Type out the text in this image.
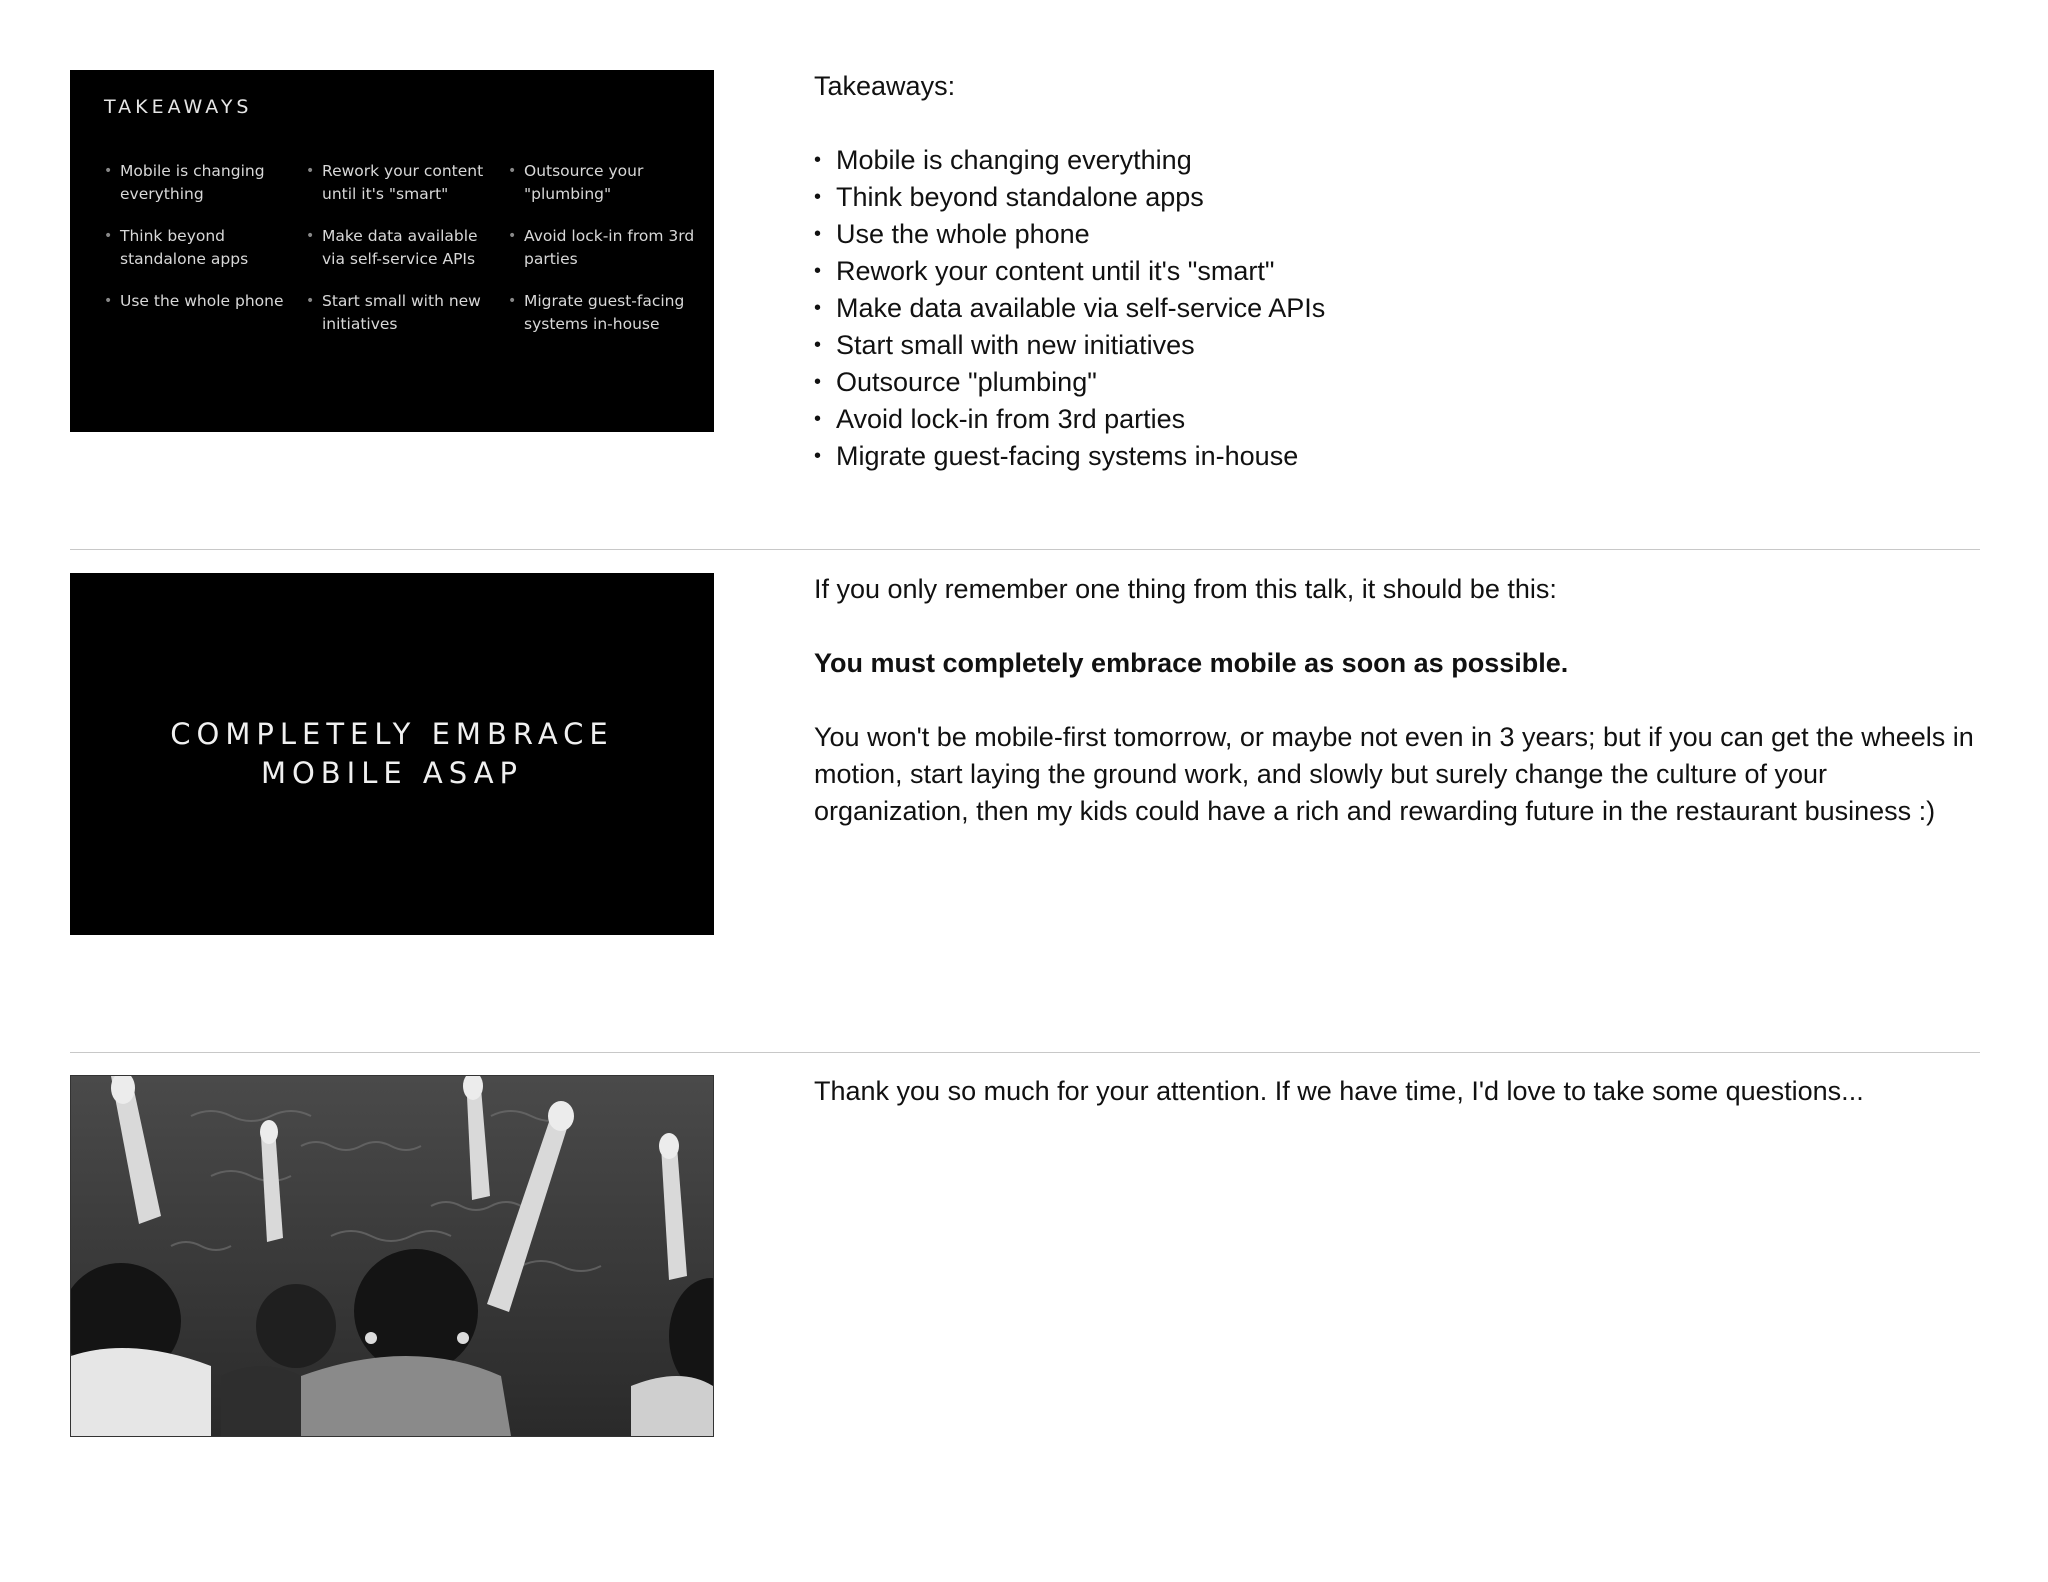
TAKEAWAYS
• Mobile is changing everything
• Think beyond standalone apps
• Use the whole phone
• Rework your content until it's "smart"
• Make data available via self-service APIs
• Start small with new initiatives
• Outsource your "plumbing"
• Avoid lock-in from 3rd parties
• Migrate guest-facing systems in-house

Takeaways:

• Mobile is changing everything
• Think beyond standalone apps
• Use the whole phone
• Rework your content until it's "smart"
• Make data available via self-service APIs
• Start small with new initiatives
• Outsource "plumbing"
• Avoid lock-in from 3rd parties
• Migrate guest-facing systems in-house
COMPLETELY EMBRACE
MOBILE ASAP

If you only remember one thing from this talk, it should be this:

You must completely embrace mobile as soon as possible.

You won't be mobile-first tomorrow, or maybe not even in 3 years; but if you can get the wheels in motion, start laying the ground work, and slowly but surely change the culture of your organization, then my kids could have a rich and rewarding future in the restaurant business :)

Thank you so much for your attention. If we have time, I'd love to take some questions...
